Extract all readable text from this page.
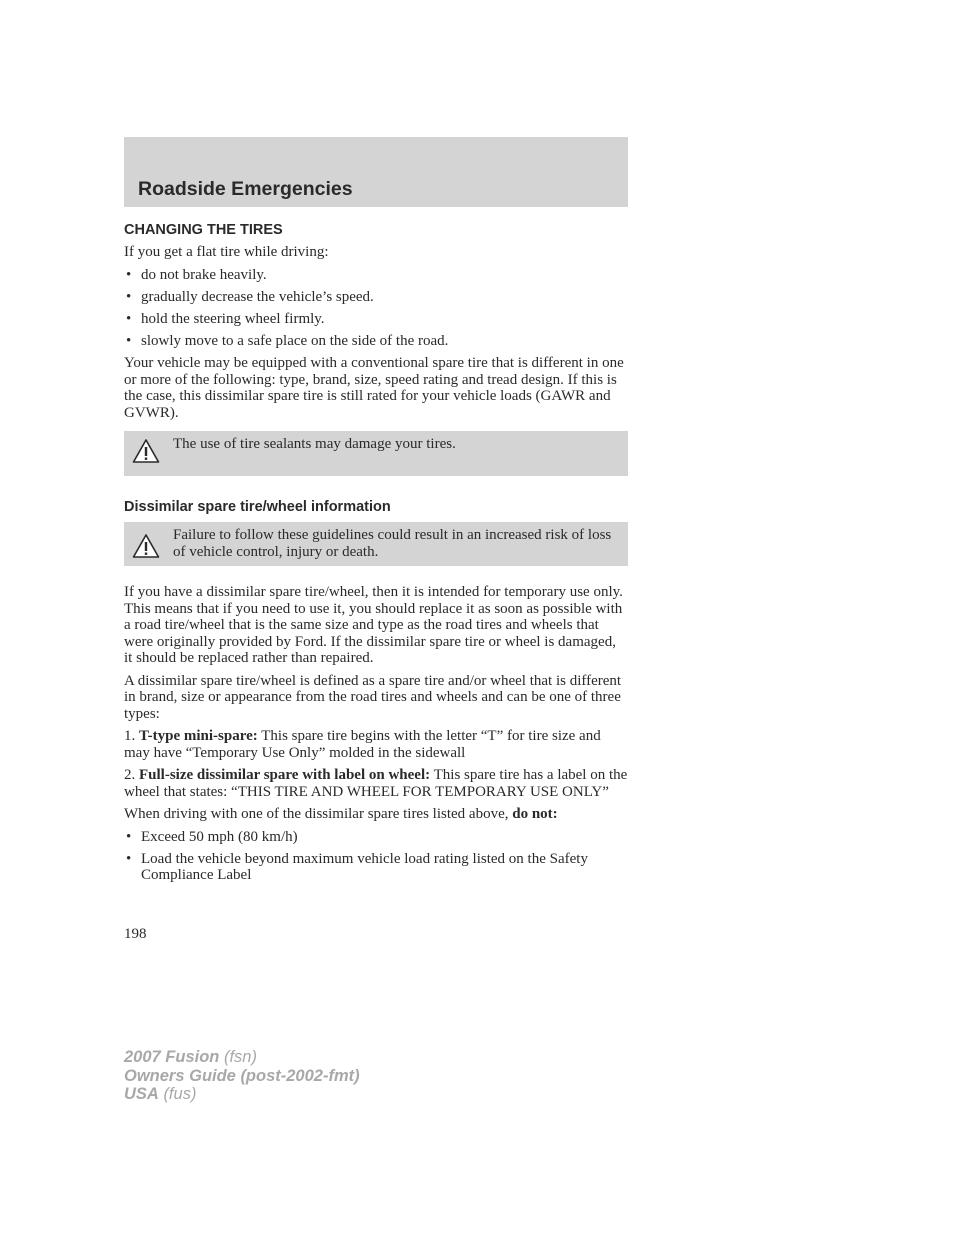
Roadside Emergencies
CHANGING THE TIRES

If you get a flat tire while driving:

• do not brake heavily.
• gradually decrease the vehicle’s speed.
• hold the steering wheel firmly.
• slowly move to a safe place on the side of the road.

Your vehicle may be equipped with a conventional spare tire that is different in one or more of the following: type, brand, size, speed rating and tread design. If this is the case, this dissimilar spare tire is still rated for your vehicle loads (GAWR and GVWR).

The use of tire sealants may damage your tires.
Dissimilar spare tire/wheel information
Failure to follow these guidelines could result in an increased risk of loss of vehicle control, injury or death.

If you have a dissimilar spare tire/wheel, then it is intended for temporary use only. This means that if you need to use it, you should replace it as soon as possible with a road tire/wheel that is the same size and type as the road tires and wheels that were originally provided by Ford. If the dissimilar spare tire or wheel is damaged, it should be replaced rather than repaired.

A dissimilar spare tire/wheel is defined as a spare tire and/or wheel that is different in brand, size or appearance from the road tires and wheels and can be one of three types:

1. T-type mini-spare: This spare tire begins with the letter “T” for tire size and may have “Temporary Use Only” molded in the sidewall

2. Full-size dissimilar spare with label on wheel: This spare tire has a label on the wheel that states: “THIS TIRE AND WHEEL FOR TEMPORARY USE ONLY”

When driving with one of the dissimilar spare tires listed above, do not:

• Exceed 50 mph (80 km/h)
• Load the vehicle beyond maximum vehicle load rating listed on the Safety Compliance Label
198
2007 Fusion (fsn)
Owners Guide (post-2002-fmt)
USA (fus)
